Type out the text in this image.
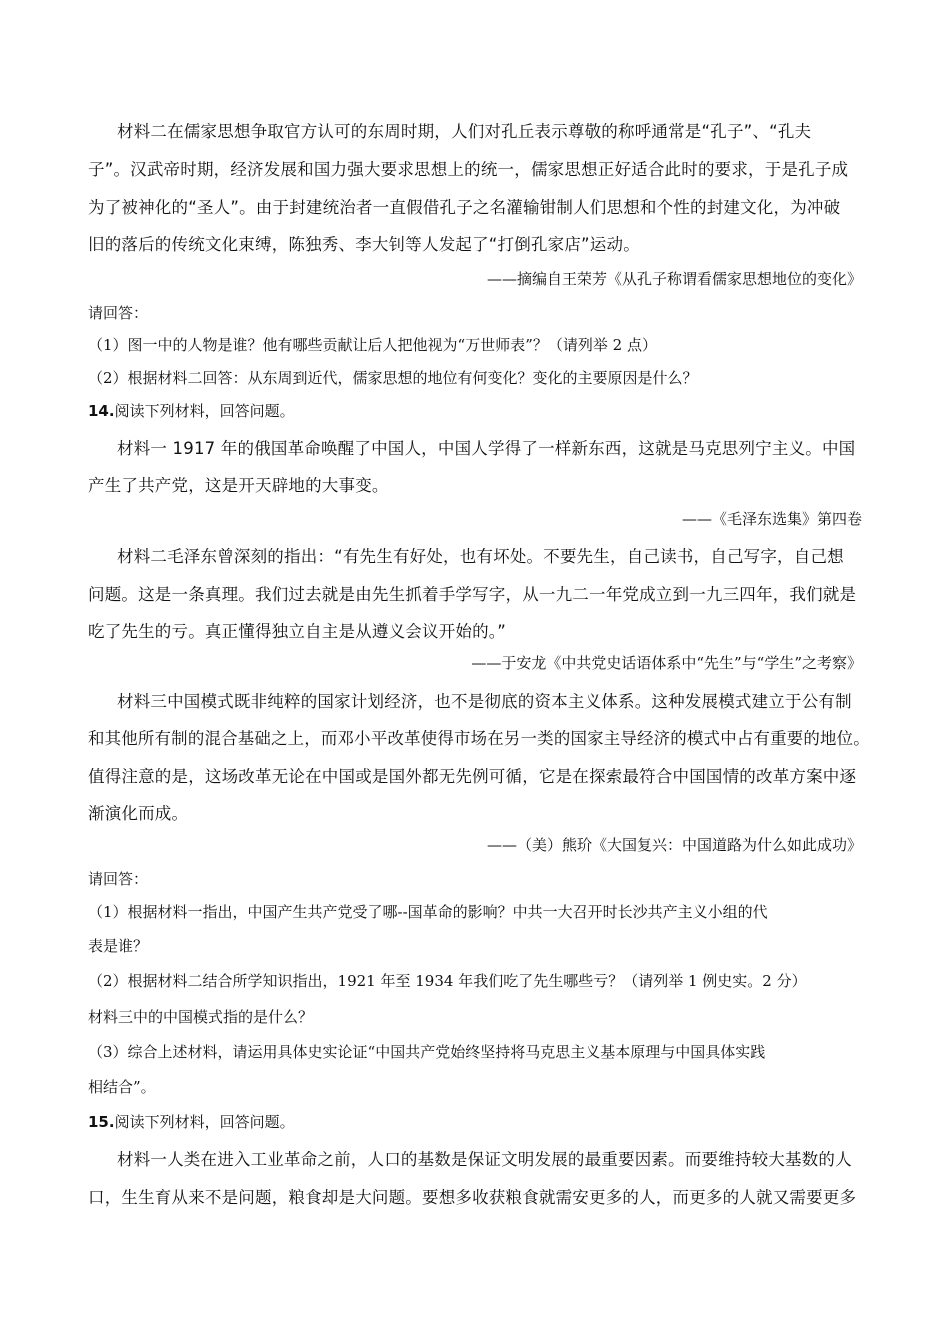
材料二在儒家思想争取官方认可的东周时期，人们对孔丘表示尊敬的称呼通常是“孔子”、“孔夫
子”。汉武帝时期，经济发展和国力强大要求思想上的统一，儒家思想正好适合此时的要求，于是孔子成
为了被神化的“圣人”。由于封建统治者一直假借孔子之名灌输钳制人们思想和个性的封建文化，为冲破
旧的落后的传统文化束缚，陈独秀、李大钊等人发起了“打倒孔家店”运动。
——摘编自王荣芳《从孔子称谓看儒家思想地位的变化》
请回答：
（1）图一中的人物是谁？他有哪些贡献让后人把他视为“万世师表”？（请列举 2 点）
（2）根据材料二回答：从东周到近代，儒家思想的地位有何变化？变化的主要原因是什么？
14.阅读下列材料，回答问题。
材料一 1917 年的俄国革命唤醒了中国人，中国人学得了一样新东西，这就是马克思列宁主义。中国
产生了共产党，这是开天辟地的大事变。
——《毛泽东选集》第四卷
材料二毛泽东曾深刻的指出：“有先生有好处，也有坏处。不要先生，自己读书，自己写字，自己想
问题。这是一条真理。我们过去就是由先生抓着手学写字，从一九二一年党成立到一九三四年，我们就是
吃了先生的亏。真正懂得独立自主是从遵义会议开始的。”
——于安龙《中共党史话语体系中“先生”与“学生”之考察》
材料三中国模式既非纯粹的国家计划经济，也不是彻底的资本主义体系。这种发展模式建立于公有制
和其他所有制的混合基础之上，而邓小平改革使得市场在另一类的国家主导经济的模式中占有重要的地位。
值得注意的是，这场改革无论在中国或是国外都无先例可循，它是在探索最符合中国国情的改革方案中逐
渐演化而成。
——（美）熊玠《大国复兴：中国道路为什么如此成功》
请回答：
（1）根据材料一指出，中国产生共产党受了哪--国革命的影响？中共一大召开时长沙共产主义小组的代
表是谁？
（2）根据材料二结合所学知识指出，1921 年至 1934 年我们吃了先生哪些亏？（请列举 1 例史实。2 分）
材料三中的中国模式指的是什么？
（3）综合上述材料，请运用具体史实论证“中国共产党始终坚持将马克思主义基本原理与中国具体实践
相结合”。
15.阅读下列材料，回答问题。
材料一人类在进入工业革命之前，人口的基数是保证文明发展的最重要因素。而要维持较大基数的人
口，生生育从来不是问题，粮食却是大问题。要想多收获粮食就需安更多的人，而更多的人就又需要更多
